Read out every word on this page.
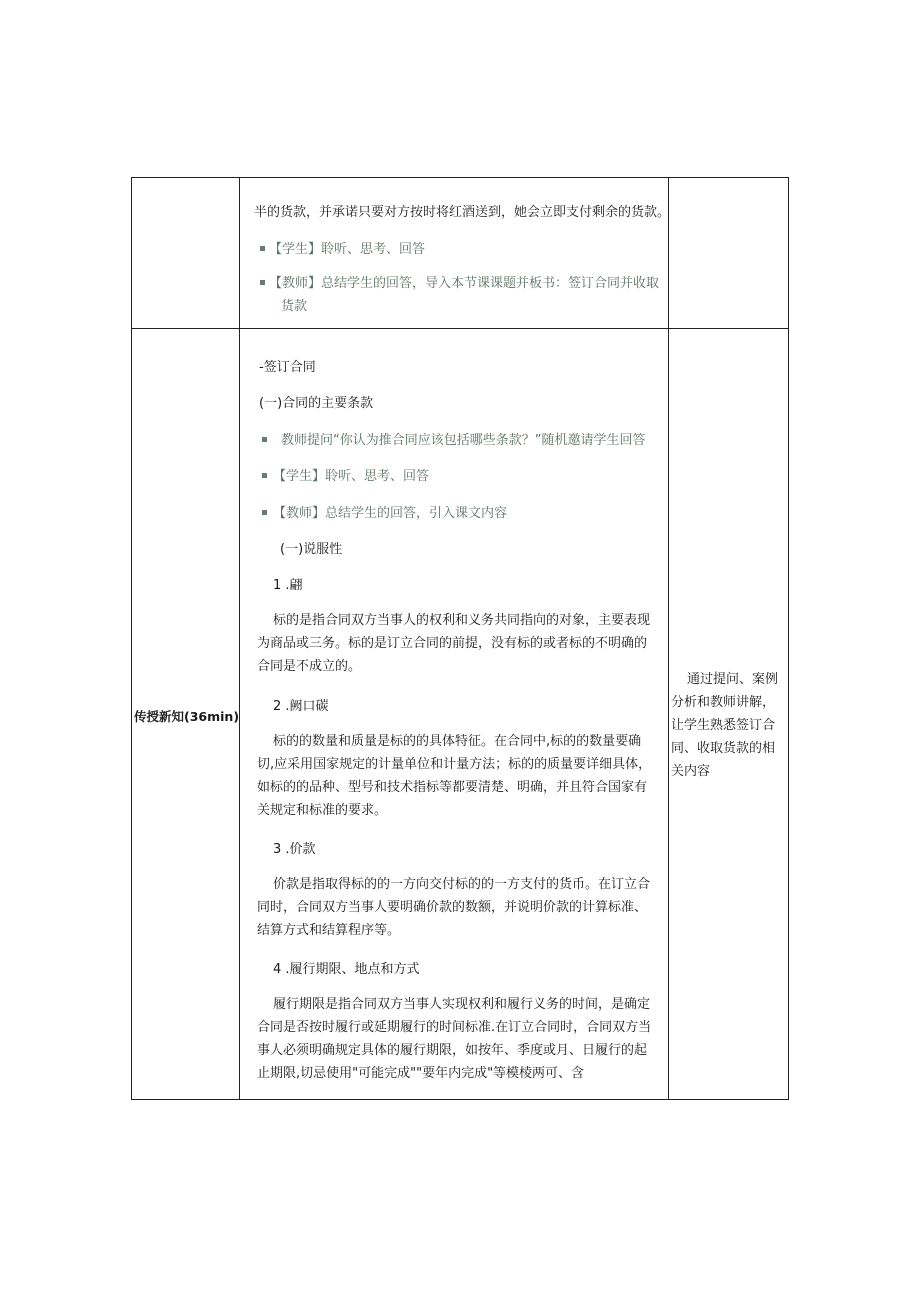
半的货款，并承诺只要对方按时将红酒送到，她会立即支付剩余的货款。
【学生】聆听、思考、回答
【教师】总结学生的回答，导入本节课课题并板书：签订合同并收取
货款
传授新知(36min)
-签订合同
(一)合同的主要条款
教师提问“你认为推合同应该包括哪些条款？”随机邀请学生回答
【学生】聆听、思考、回答
【教师】总结学生的回答，引入课文内容
(一)说服性
1 .翩
标的是指合同双方当事人的权利和义务共同指向的对象，主要表现为商品或三务。标的是订立合同的前提，没有标的或者标的不明确的合同是不成立的。
2 .阙口碳
标的的数量和质量是标的的具体特征。在合同中,标的的数量要确切,应采用国家规定的计量单位和计量方法；标的的质量要详细具体，如标的的品种、型号和技术指标等都要清楚、明确，并且符合国家有关规定和标准的要求。
3 .价款
价款是指取得标的的一方向交付标的的一方支付的货币。在订立合同时，合同双方当事人要明确价款的数额，并说明价款的计算标准、结算方式和结算程序等。
4 .履行期限、地点和方式
履行期限是指合同双方当事人实现权利和履行义务的时间，是确定合同是否按时履行或延期履行的时间标准.在订立合同时，合同双方当事人必须明确规定具体的履行期限，如按年、季度或月、日履行的起止期限,切忌使用"可能完成""要年内完成"等模棱两可、含
通过提问、案例分析和教师讲解，让学生熟悉签订合同、收取货款的相关内容
